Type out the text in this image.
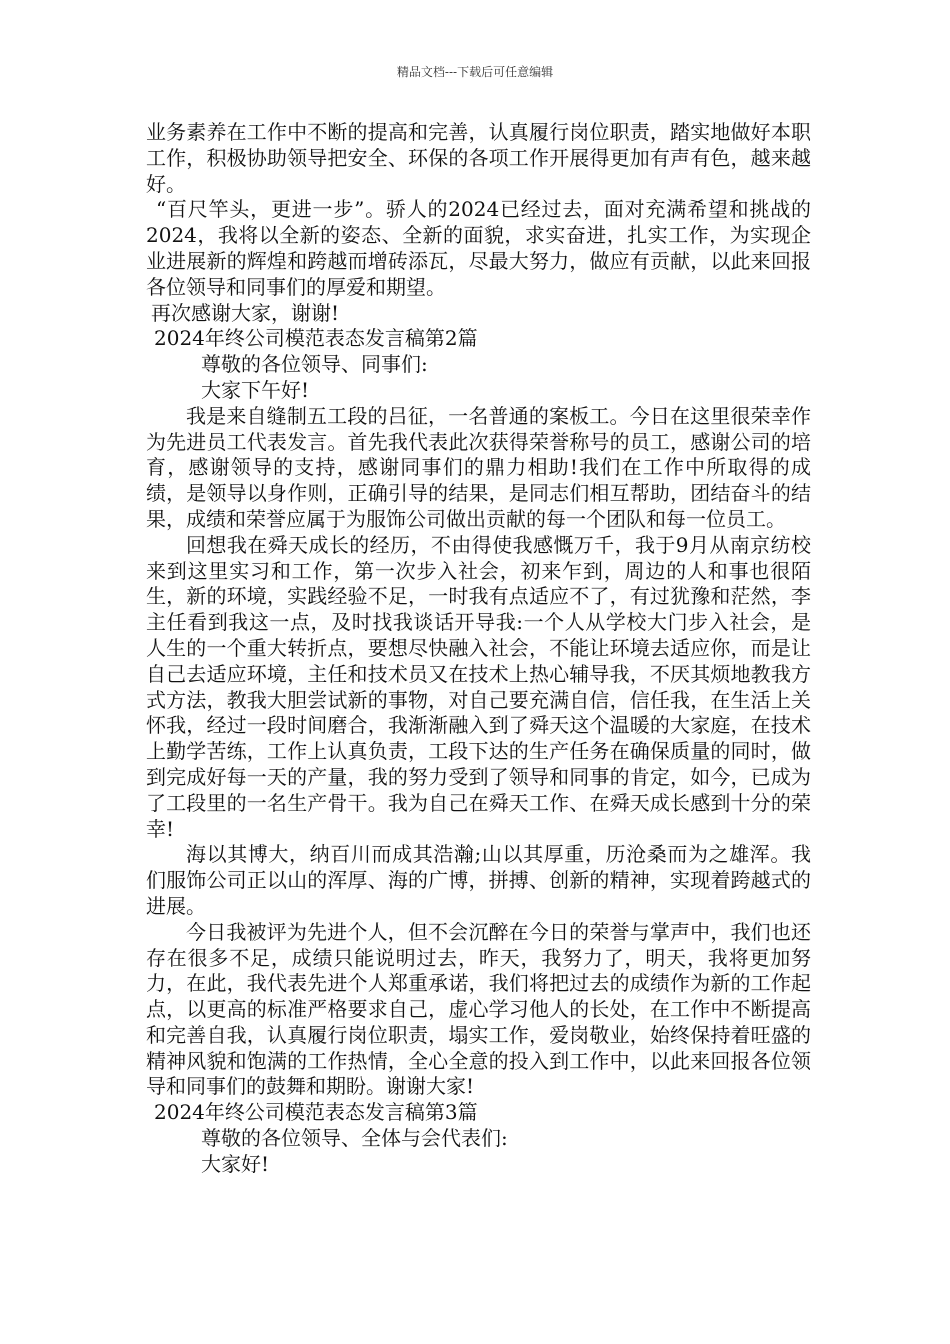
精品文档---下载后可任意编辑

业务素养在工作中不断的提高和完善，认真履行岗位职责，踏实地做好本职工作，积极协助领导把安全、环保的各项工作开展得更加有声有色，越来越好。

“百尺竿头，更进一步”。骄人的2024已经过去，面对充满希望和挑战的2024，我将以全新的姿态、全新的面貌，求实奋进，扎实工作，为实现企业进展新的辉煌和跨越而增砖添瓦，尽最大努力，做应有贡献，以此来回报各位领导和同事们的厚爱和期望。

再次感谢大家，谢谢!

2024年终公司模范表态发言稿第2篇

尊敬的各位领导、同事们:

大家下午好!

我是来自缝制五工段的吕征，一名普通的案板工。今日在这里很荣幸作为先进员工代表发言。首先我代表此次获得荣誉称号的员工，感谢公司的培育，感谢领导的支持，感谢同事们的鼎力相助!我们在工作中所取得的成绩，是领导以身作则，正确引导的结果，是同志们相互帮助，团结奋斗的结果，成绩和荣誉应属于为服饰公司做出贡献的每一个团队和每一位员工。

回想我在舜天成长的经历，不由得使我感慨万千，我于9月从南京纺校来到这里实习和工作，第一次步入社会，初来乍到，周边的人和事也很陌生，新的环境，实践经验不足，一时我有点适应不了，有过犹豫和茫然，李主任看到我这一点，及时找我谈话开导我:一个人从学校大门步入社会，是人生的一个重大转折点，要想尽快融入社会，不能让环境去适应你，而是让自己去适应环境，主任和技术员又在技术上热心辅导我，不厌其烦地教我方式方法，教我大胆尝试新的事物，对自己要充满自信，信任我，在生活上关怀我，经过一段时间磨合，我渐渐融入到了舜天这个温暖的大家庭，在技术上勤学苦练，工作上认真负责，工段下达的生产任务在确保质量的同时，做到完成好每一天的产量，我的努力受到了领导和同事的肯定，如今，已成为了工段里的一名生产骨干。我为自己在舜天工作、在舜天成长感到十分的荣幸!

海以其博大，纳百川而成其浩瀚;山以其厚重，历沧桑而为之雄浑。我们服饰公司正以山的浑厚、海的广博，拼搏、创新的精神，实现着跨越式的进展。

今日我被评为先进个人，但不会沉醉在今日的荣誉与掌声中，我们也还存在很多不足，成绩只能说明过去，昨天，我努力了，明天，我将更加努力，在此，我代表先进个人郑重承诺，我们将把过去的成绩作为新的工作起点，以更高的标准严格要求自己，虚心学习他人的长处，在工作中不断提高和完善自我，认真履行岗位职责，塌实工作，爱岗敬业，始终保持着旺盛的精神风貌和饱满的工作热情，全心全意的投入到工作中，以此来回报各位领导和同事们的鼓舞和期盼。谢谢大家!

2024年终公司模范表态发言稿第3篇

尊敬的各位领导、全体与会代表们:

大家好!
